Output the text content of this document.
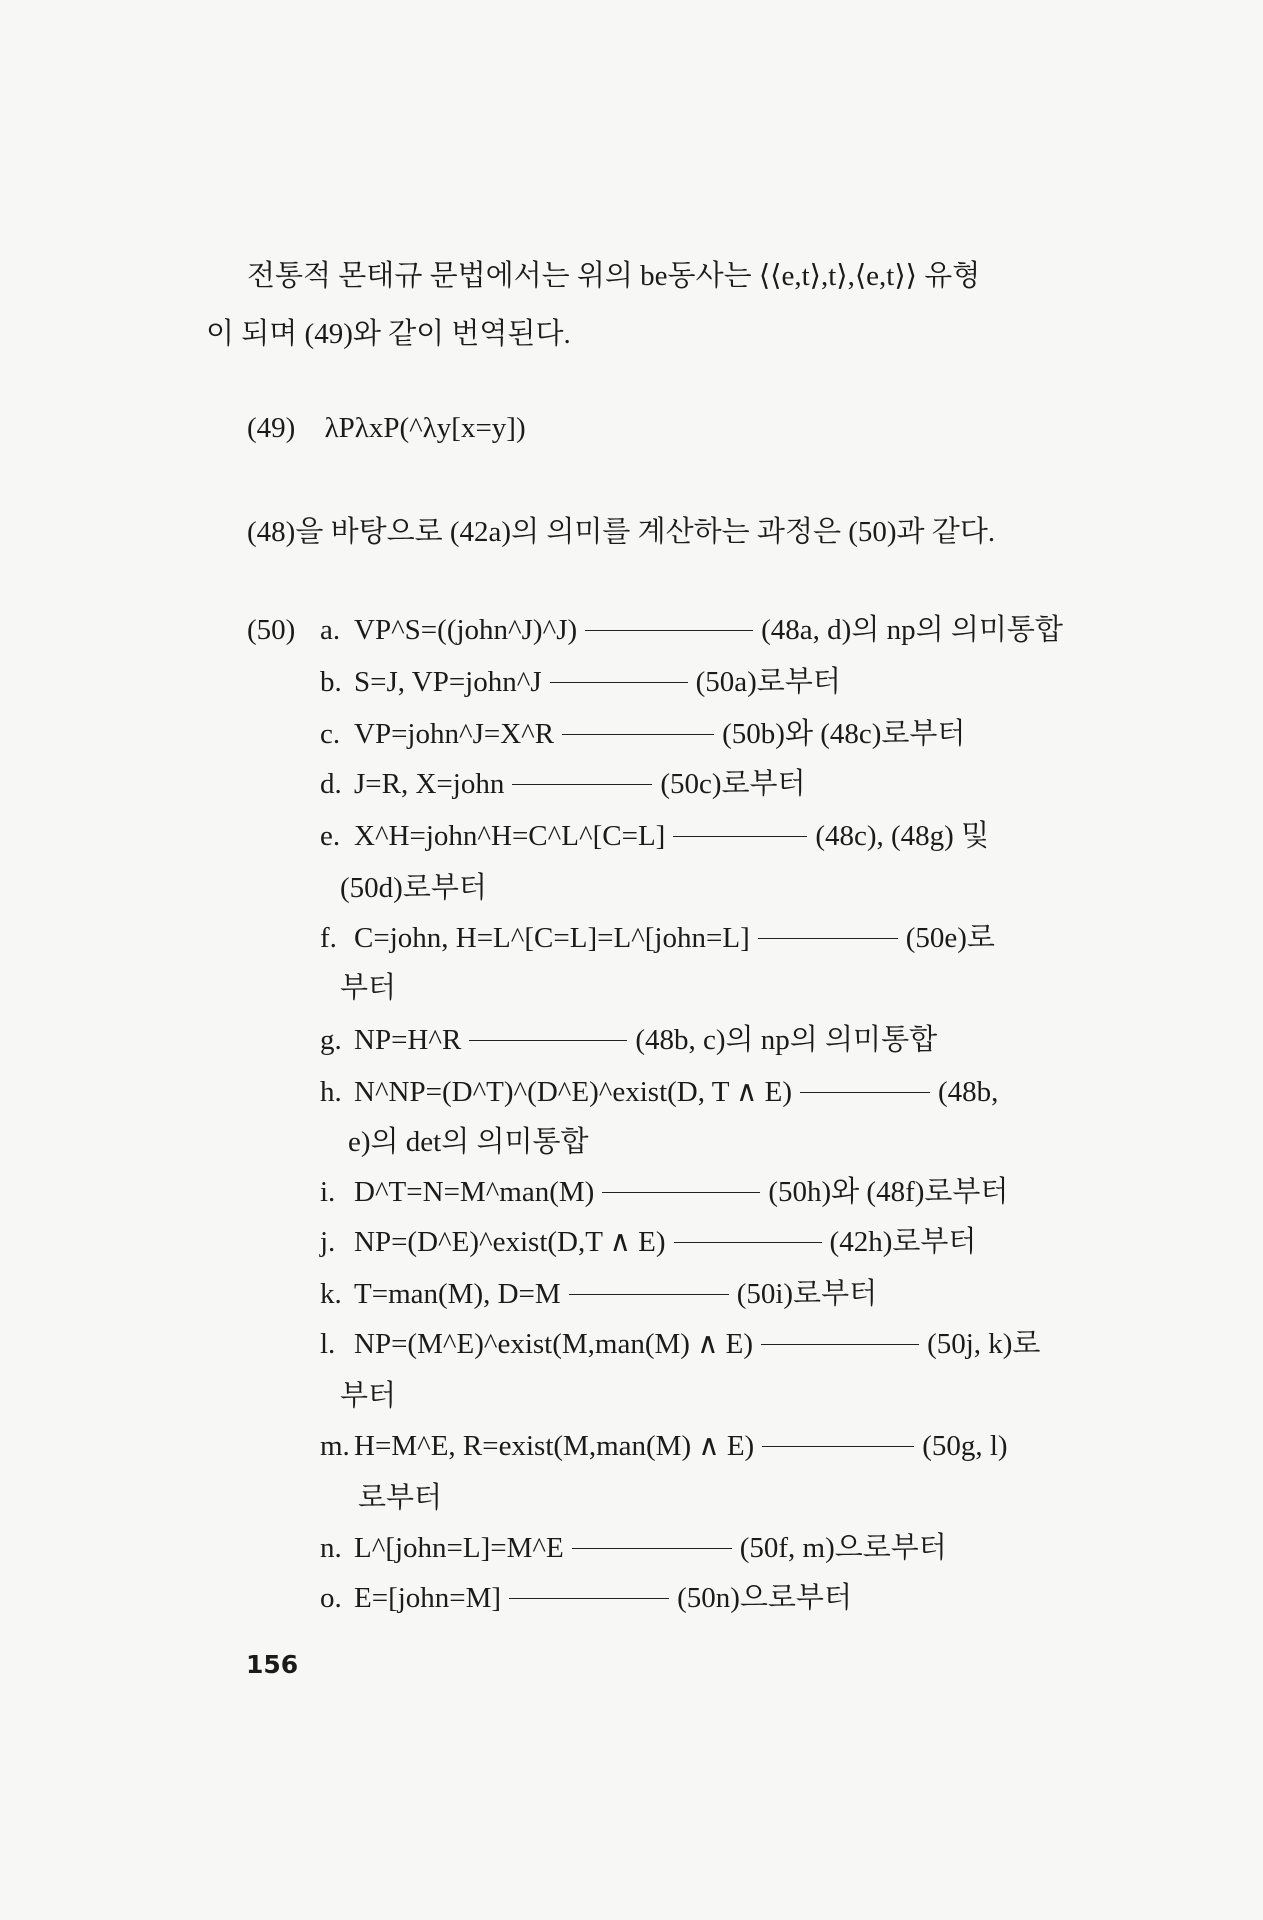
전통적 몬태규 문법에서는 위의 be동사는 ⟨⟨e,t⟩,t⟩,⟨e,t⟩⟩ 유형
이 되며 (49)와 같이 번역된다.
(49) λPλxP(^λy[x=y])
(48)을 바탕으로 (42a)의 의미를 계산하는 과정은 (50)과 같다.
(50) a. VP^S=((john^J)^J)	(48a, d)의 np의 의미통합
b. S=J, VP=john^J	(50a)로부터
c. VP=john^J=X^R	(50b)와 (48c)로부터
d. J=R, X=john	(50c)로부터
e. X^H=john^H=C^L^[C=L]	(48c), (48g) 및
(50d)로부터
f. C=john, H=L^[C=L]=L^[john=L]	(50e)로
부터
g. NP=H^R	(48b, c)의 np의 의미통합
h. N^NP=(D^T)^(D^E)^exist(D, T ∧ E)	(48b,
e)의 det의 의미통합
i. D^T=N=M^man(M)	(50h)와 (48f)로부터
j. NP=(D^E)^exist(D,T ∧ E)	(42h)로부터
k. T=man(M), D=M	(50i)로부터
l. NP=(M^E)^exist(M,man(M) ∧ E)	(50j, k)로
부터
m. H=M^E, R=exist(M,man(M) ∧ E)	(50g, l)
로부터
n. L^[john=L]=M^E	(50f, m)으로부터
o. E=[john=M]	(50n)으로부터
156
